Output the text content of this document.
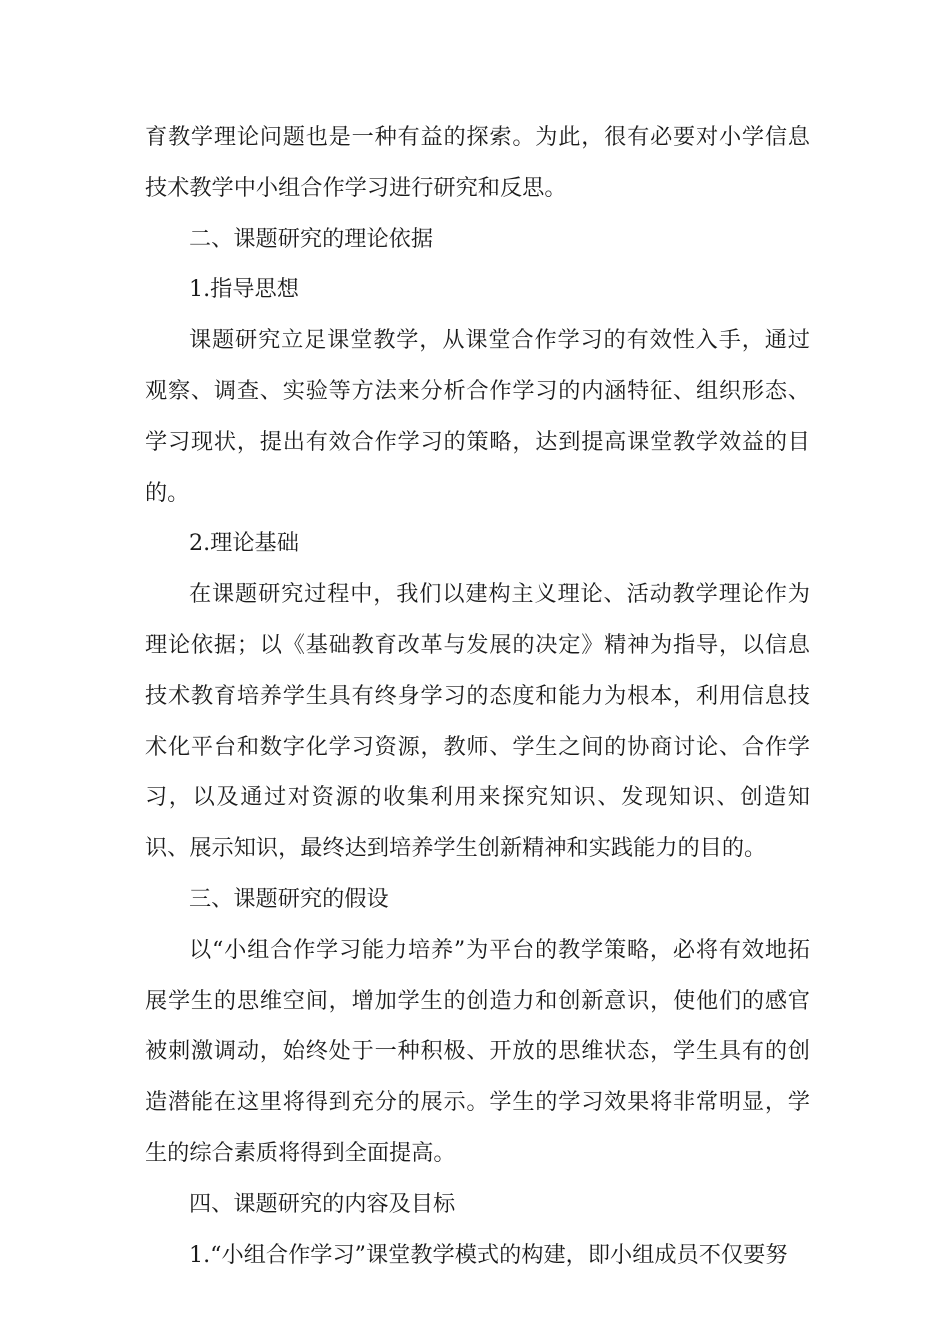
育教学理论问题也是一种有益的探索。为此，很有必要对小学信息技术教学中小组合作学习进行研究和反思。

二、课题研究的理论依据

1.指导思想

课题研究立足课堂教学，从课堂合作学习的有效性入手，通过观察、调查、实验等方法来分析合作学习的内涵特征、组织形态、学习现状，提出有效合作学习的策略，达到提高课堂教学效益的目的。

2.理论基础

在课题研究过程中，我们以建构主义理论、活动教学理论作为理论依据；以《基础教育改革与发展的决定》精神为指导，以信息技术教育培养学生具有终身学习的态度和能力为根本，利用信息技术化平台和数字化学习资源，教师、学生之间的协商讨论、合作学习，以及通过对资源的收集利用来探究知识、发现知识、创造知识、展示知识，最终达到培养学生创新精神和实践能力的目的。

三、课题研究的假设

以“小组合作学习能力培养”为平台的教学策略，必将有效地拓展学生的思维空间，增加学生的创造力和创新意识，使他们的感官被刺激调动，始终处于一种积极、开放的思维状态，学生具有的创造潜能在这里将得到充分的展示。学生的学习效果将非常明显，学生的综合素质将得到全面提高。

四、课题研究的内容及目标

1.“小组合作学习”课堂教学模式的构建，即小组成员不仅要努
